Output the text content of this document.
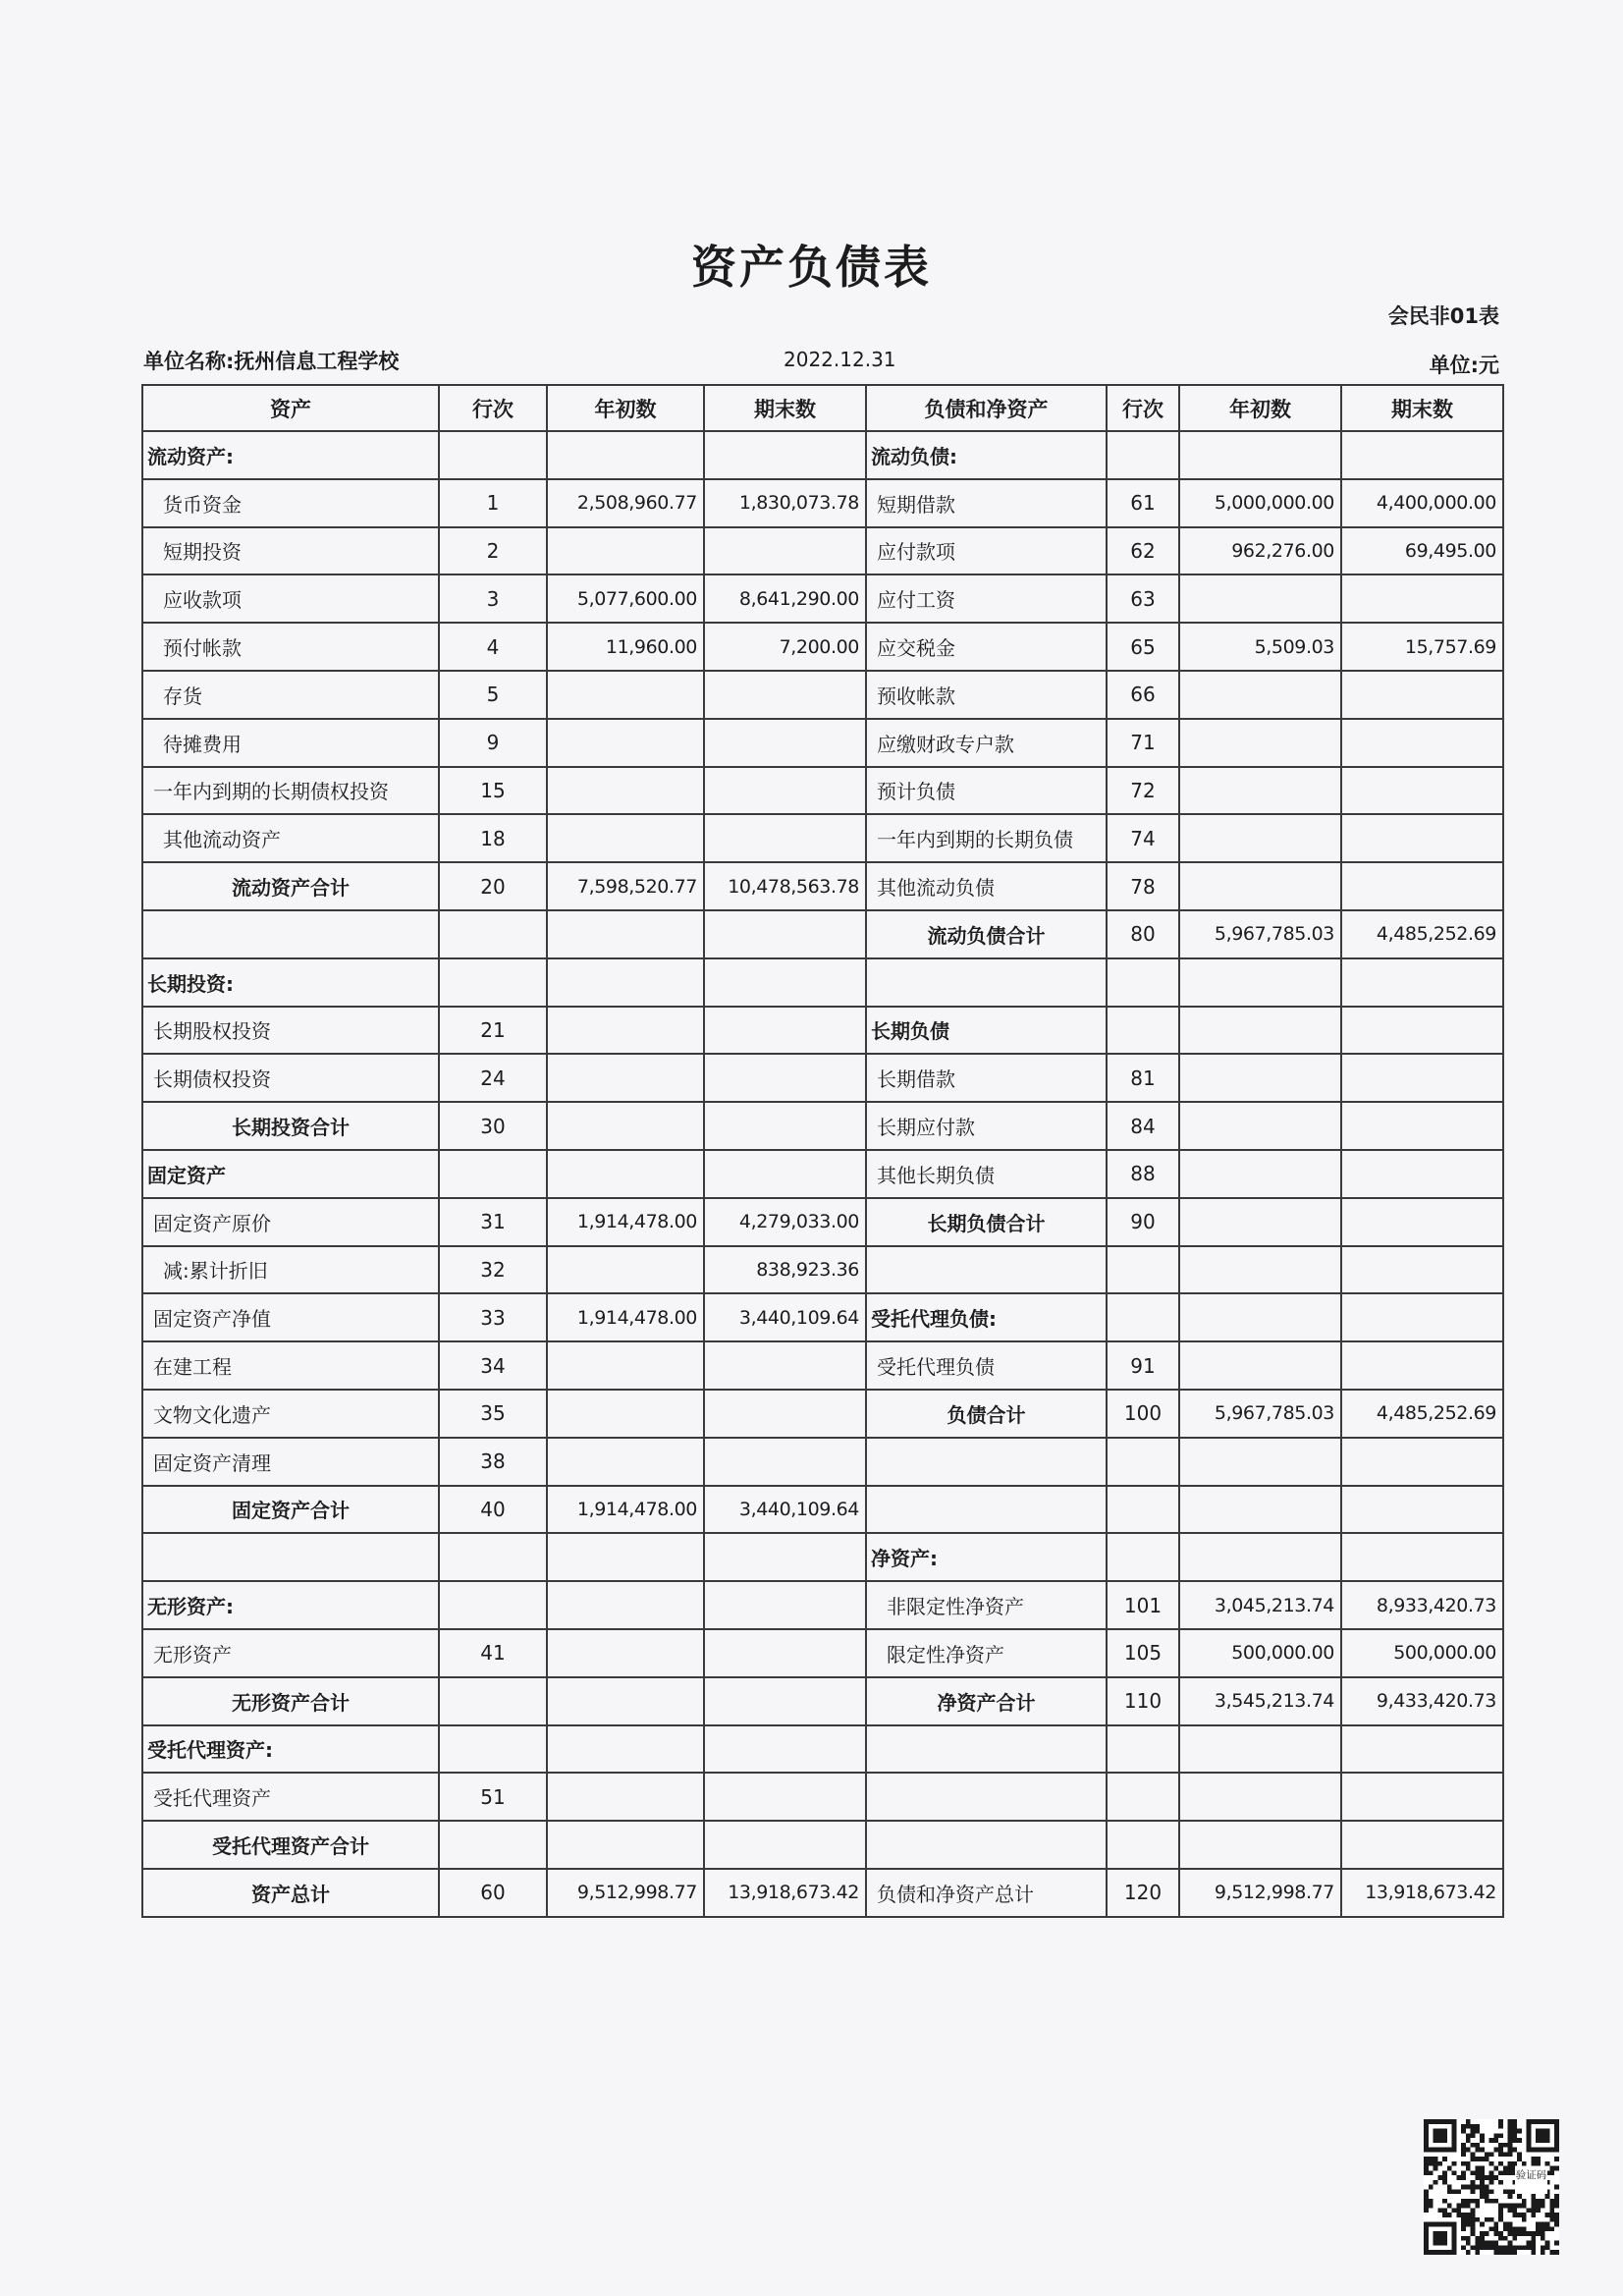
资产负债表
会民非01表
单位名称:抚州信息工程学校	2022.12.31	单位:元
资产	行次	年初数	期末数	负债和净资产	行次	年初数	期末数
流动资产:				流动负债:			
货币资金	1	2,508,960.77	1,830,073.78	短期借款	61	5,000,000.00	4,400,000.00
短期投资	2			应付款项	62	962,276.00	69,495.00
应收款项	3	5,077,600.00	8,641,290.00	应付工资	63		
预付帐款	4	11,960.00	7,200.00	应交税金	65	5,509.03	15,757.69
存货	5			预收帐款	66		
待摊费用	9			应缴财政专户款	71		
一年内到期的长期债权投资	15			预计负债	72		
其他流动资产	18			一年内到期的长期负债	74		
流动资产合计	20	7,598,520.77	10,478,563.78	其他流动负债	78		
				流动负债合计	80	5,967,785.03	4,485,252.69
长期投资:							
长期股权投资	21			长期负债			
长期债权投资	24			长期借款	81		
长期投资合计	30			长期应付款	84		
固定资产				其他长期负债	88		
固定资产原价	31	1,914,478.00	4,279,033.00	长期负债合计	90		
减:累计折旧	32		838,923.36				
固定资产净值	33	1,914,478.00	3,440,109.64	受托代理负债:			
在建工程	34			受托代理负债	91		
文物文化遗产	35			负债合计	100	5,967,785.03	4,485,252.69
固定资产清理	38						
固定资产合计	40	1,914,478.00	3,440,109.64				
				净资产:			
无形资产:				非限定性净资产	101	3,045,213.74	8,933,420.73
无形资产	41			限定性净资产	105	500,000.00	500,000.00
无形资产合计				净资产合计	110	3,545,213.74	9,433,420.73
受托代理资产:							
受托代理资产	51						
受托代理资产合计							
资产总计	60	9,512,998.77	13,918,673.42	负债和净资产总计	120	9,512,998.77	13,918,673.42
验证码
